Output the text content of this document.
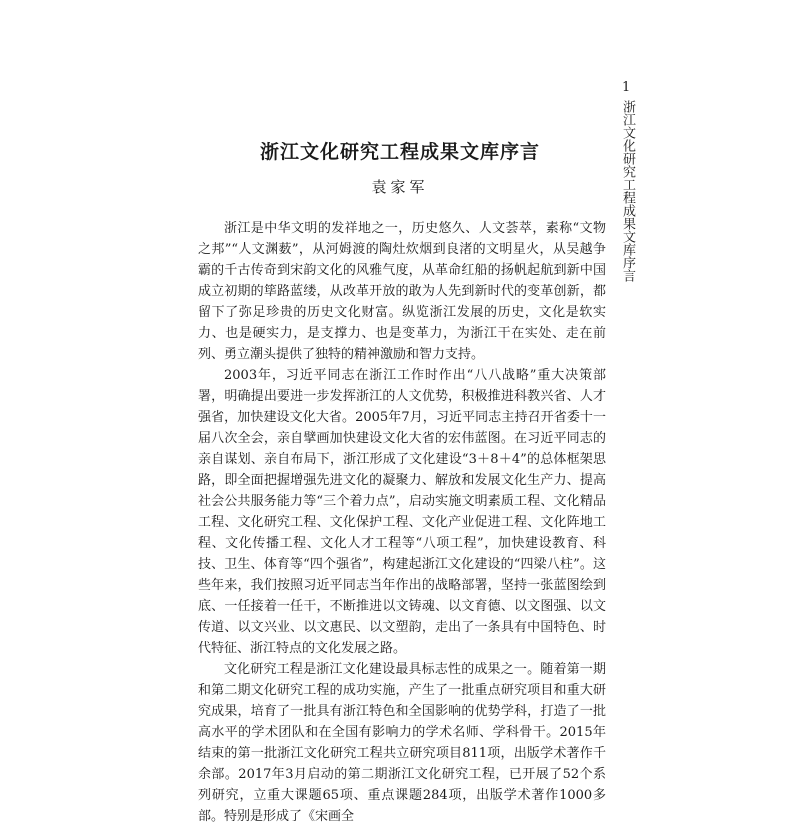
1
浙江文化研究工程成果文库序言
浙江文化研究工程成果文库序言
袁家军

浙江是中华文明的发祥地之一，历史悠久、人文荟萃，素称“文物之邦”“人文渊薮”，从河姆渡的陶灶炊烟到良渚的文明星火，从吴越争霸的千古传奇到宋韵文化的风雅气度，从革命红船的扬帆起航到新中国成立初期的筚路蓝缕，从改革开放的敢为人先到新时代的变革创新，都留下了弥足珍贵的历史文化财富。纵览浙江发展的历史，文化是软实力、也是硬实力，是支撑力、也是变革力，为浙江干在实处、走在前列、勇立潮头提供了独特的精神激励和智力支持。

2003年，习近平同志在浙江工作时作出“八八战略”重大决策部署，明确提出要进一步发挥浙江的人文优势，积极推进科教兴省、人才强省，加快建设文化大省。2005年7月，习近平同志主持召开省委十一届八次全会，亲自擘画加快建设文化大省的宏伟蓝图。在习近平同志的亲自谋划、亲自布局下，浙江形成了文化建设“3＋8＋4”的总体框架思路，即全面把握增强先进文化的凝聚力、解放和发展文化生产力、提高社会公共服务能力等“三个着力点”，启动实施文明素质工程、文化精品工程、文化研究工程、文化保护工程、文化产业促进工程、文化阵地工程、文化传播工程、文化人才工程等“八项工程”，加快建设教育、科技、卫生、体育等“四个强省”，构建起浙江文化建设的“四梁八柱”。这些年来，我们按照习近平同志当年作出的战略部署，坚持一张蓝图绘到底、一任接着一任干，不断推进以文铸魂、以文育德、以文图强、以文传道、以文兴业、以文惠民、以文塑韵，走出了一条具有中国特色、时代特征、浙江特点的文化发展之路。

文化研究工程是浙江文化建设最具标志性的成果之一。随着第一期和第二期文化研究工程的成功实施，产生了一批重点研究项目和重大研究成果，培育了一批具有浙江特色和全国影响的优势学科，打造了一批高水平的学术团队和在全国有影响力的学术名师、学科骨干。2015年结束的第一批浙江文化研究工程共立研究项目811项，出版学术著作千余部。2017年3月启动的第二期浙江文化研究工程，已开展了52个系列研究，立重大课题65项、重点课题284项，出版学术著作1000多部。特别是形成了《宋画全
